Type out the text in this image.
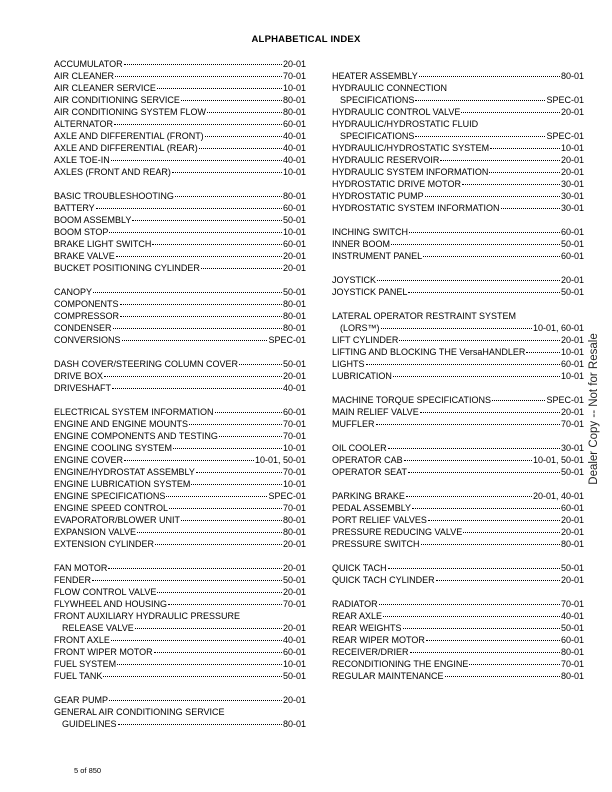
ALPHABETICAL INDEX
ACCUMULATOR	20-01
AIR CLEANER	70-01
AIR CLEANER SERVICE	10-01
AIR CONDITIONING SERVICE	80-01
AIR CONDITIONING SYSTEM FLOW	80-01
ALTERNATOR	60-01
AXLE AND DIFFERENTIAL (FRONT)	40-01
AXLE AND DIFFERENTIAL (REAR)	40-01
AXLE TOE-IN	40-01
AXLES (FRONT AND REAR)	10-01
BASIC TROUBLESHOOTING	80-01
BATTERY	60-01
BOOM ASSEMBLY	50-01
BOOM STOP	10-01
BRAKE LIGHT SWITCH	60-01
BRAKE VALVE	20-01
BUCKET POSITIONING CYLINDER	20-01
CANOPY	50-01
COMPONENTS	80-01
COMPRESSOR	80-01
CONDENSER	80-01
CONVERSIONS	SPEC-01
DASH COVER/STEERING COLUMN COVER	50-01
DRIVE BOX	20-01
DRIVESHAFT	40-01
ELECTRICAL SYSTEM INFORMATION	60-01
ENGINE AND ENGINE MOUNTS	70-01
ENGINE COMPONENTS AND TESTING	70-01
ENGINE COOLING SYSTEM	10-01
ENGINE COVER	10-01, 50-01
ENGINE/HYDROSTAT ASSEMBLY	70-01
ENGINE LUBRICATION SYSTEM	10-01
ENGINE SPECIFICATIONS	SPEC-01
ENGINE SPEED CONTROL	70-01
EVAPORATOR/BLOWER UNIT	80-01
EXPANSION VALVE	80-01
EXTENSION CYLINDER	20-01
FAN MOTOR	20-01
FENDER	50-01
FLOW CONTROL VALVE	20-01
FLYWHEEL AND HOUSING	70-01
FRONT AUXILIARY HYDRAULIC PRESSURE
RELEASE VALVE	20-01
FRONT AXLE	40-01
FRONT WIPER MOTOR	60-01
FUEL SYSTEM	10-01
FUEL TANK	50-01
GEAR PUMP	20-01
GENERAL AIR CONDITIONING SERVICE
GUIDELINES	80-01
HEATER ASSEMBLY	80-01
HYDRAULIC CONNECTION
SPECIFICATIONS	SPEC-01
HYDRAULIC CONTROL VALVE	20-01
HYDRAULIC/HYDROSTATIC FLUID
SPECIFICATIONS	SPEC-01
HYDRAULIC/HYDROSTATIC SYSTEM	10-01
HYDRAULIC RESERVOIR	20-01
HYDRAULIC SYSTEM INFORMATION	20-01
HYDROSTATIC DRIVE MOTOR	30-01
HYDROSTATIC PUMP	30-01
HYDROSTATIC SYSTEM INFORMATION	30-01
INCHING SWITCH	60-01
INNER BOOM	50-01
INSTRUMENT PANEL	60-01
JOYSTICK	20-01
JOYSTICK PANEL	50-01
LATERAL OPERATOR RESTRAINT SYSTEM
(LORS™)	10-01, 60-01
LIFT CYLINDER	20-01
LIFTING AND BLOCKING THE VersaHANDLER	10-01
LIGHTS	60-01
LUBRICATION	10-01
MACHINE TORQUE SPECIFICATIONS	SPEC-01
MAIN RELIEF VALVE	20-01
MUFFLER	70-01
OIL COOLER	30-01
OPERATOR CAB	10-01, 50-01
OPERATOR SEAT	50-01
PARKING BRAKE	20-01, 40-01
PEDAL ASSEMBLY	60-01
PORT RELIEF VALVES	20-01
PRESSURE REDUCING VALVE	20-01
PRESSURE SWITCH	80-01
QUICK TACH	50-01
QUICK TACH CYLINDER	20-01
RADIATOR	70-01
REAR AXLE	40-01
REAR WEIGHTS	50-01
REAR WIPER MOTOR	60-01
RECEIVER/DRIER	80-01
RECONDITIONING THE ENGINE	70-01
REGULAR MAINTENANCE	80-01
5 of 850
Dealer Copy -- Not for Resale
